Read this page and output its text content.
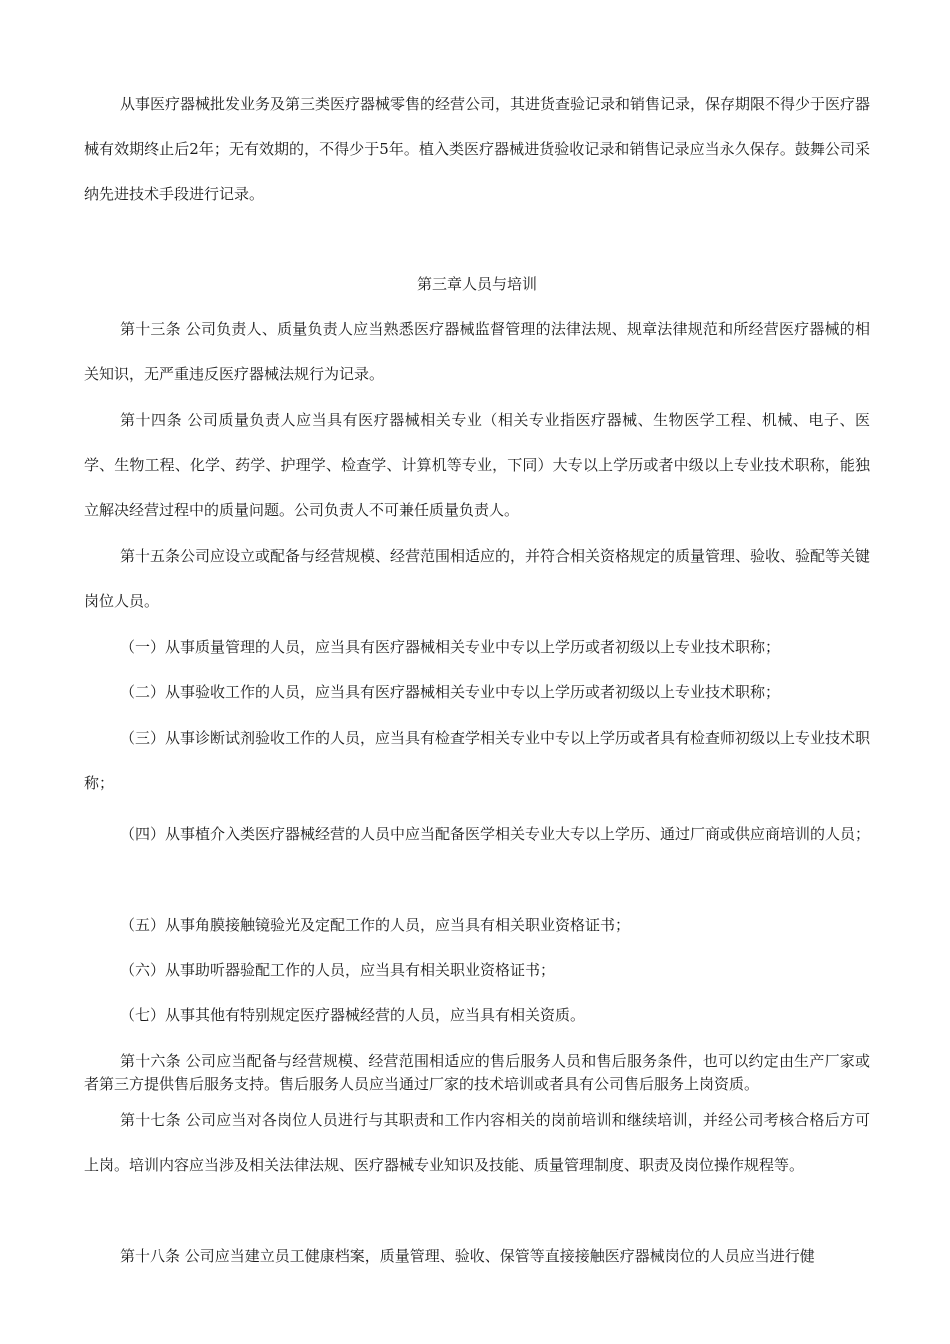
从事医疗器械批发业务及第三类医疗器械零售的经营公司，其进货查验记录和销售记录，保存期限不得少于医疗器械有效期终止后2年；无有效期的，不得少于5年。植入类医疗器械进货验收记录和销售记录应当永久保存。鼓舞公司采纳先进技术手段进行记录。

第三章人员与培训

第十三条 公司负责人、质量负责人应当熟悉医疗器械监督管理的法律法规、规章法律规范和所经营医疗器械的相关知识，无严重违反医疗器械法规行为记录。

第十四条 公司质量负责人应当具有医疗器械相关专业（相关专业指医疗器械、生物医学工程、机械、电子、医学、生物工程、化学、药学、护理学、检查学、计算机等专业，下同）大专以上学历或者中级以上专业技术职称，能独立解决经营过程中的质量问题。公司负责人不可兼任质量负责人。

第十五条公司应设立或配备与经营规模、经营范围相适应的，并符合相关资格规定的质量管理、验收、验配等关键岗位人员。

（一）从事质量管理的人员，应当具有医疗器械相关专业中专以上学历或者初级以上专业技术职称；

（二）从事验收工作的人员，应当具有医疗器械相关专业中专以上学历或者初级以上专业技术职称；

（三）从事诊断试剂验收工作的人员，应当具有检查学相关专业中专以上学历或者具有检查师初级以上专业技术职称；

（四）从事植介入类医疗器械经营的人员中应当配备医学相关专业大专以上学历、通过厂商或供应商培训的人员；

（五）从事角膜接触镜验光及定配工作的人员，应当具有相关职业资格证书；

（六）从事助听器验配工作的人员，应当具有相关职业资格证书；

（七）从事其他有特别规定医疗器械经营的人员，应当具有相关资质。

第十六条 公司应当配备与经营规模、经营范围相适应的售后服务人员和售后服务条件，也可以约定由生产厂家或者第三方提供售后服务支持。售后服务人员应当通过厂家的技术培训或者具有公司售后服务上岗资质。

第十七条 公司应当对各岗位人员进行与其职责和工作内容相关的岗前培训和继续培训，并经公司考核合格后方可上岗。培训内容应当涉及相关法律法规、医疗器械专业知识及技能、质量管理制度、职责及岗位操作规程等。

第十八条 公司应当建立员工健康档案，质量管理、验收、保管等直接接触医疗器械岗位的人员应当进行健
